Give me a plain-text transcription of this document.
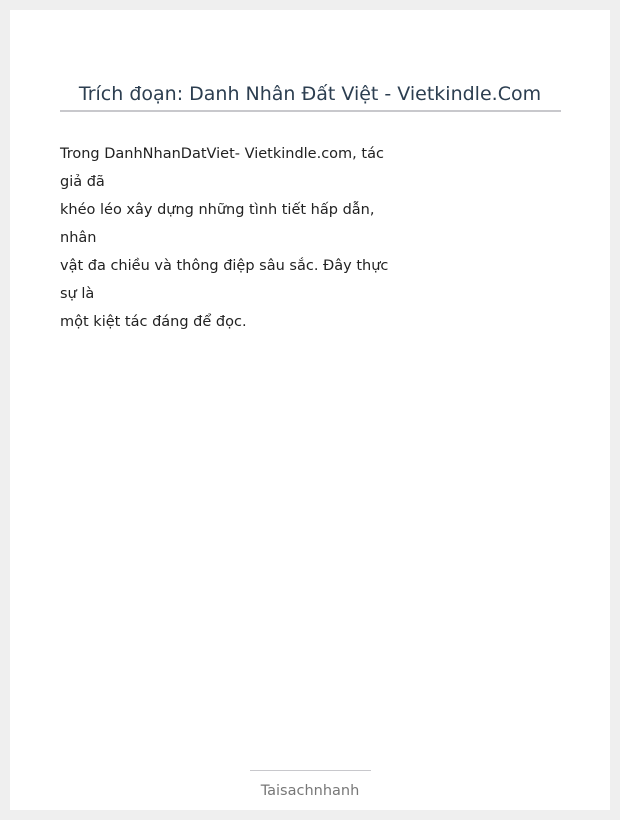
Trích đoạn: Danh Nhân Đất Việt - Vietkindle.Com

Trong DanhNhanDatViet- Vietkindle.com, tác
giả đã
khéo léo xây dựng những tình tiết hấp dẫn,
nhân
vật đa chiều và thông điệp sâu sắc. Đây thực
sự là
một kiệt tác đáng để đọc.

Taisachnhanh
